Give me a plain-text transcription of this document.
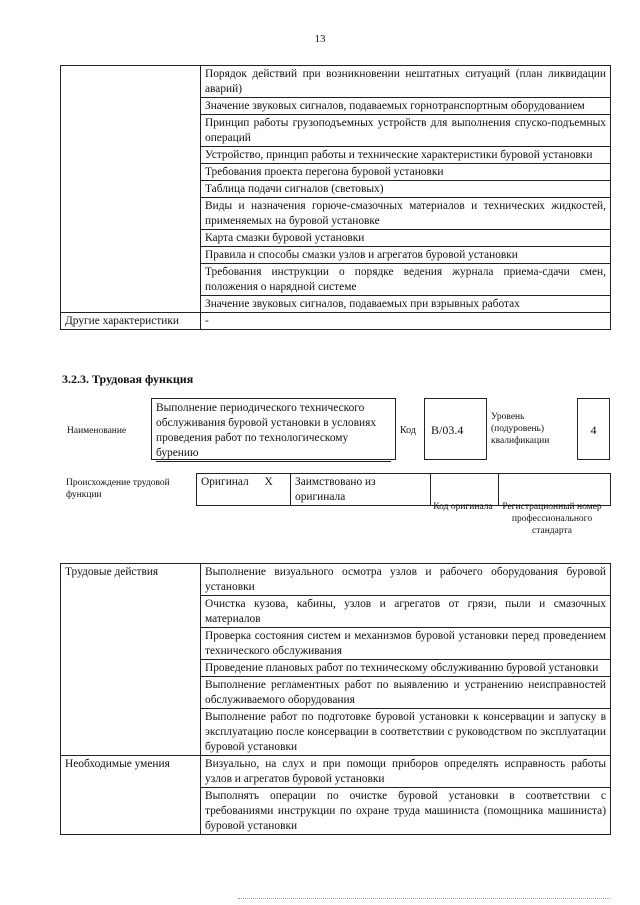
13
	Порядок действий при возникновении нештатных ситуаций (план ликвидации аварий)
	Значение звуковых сигналов, подаваемых горнотранспортным оборудованием
	Принцип работы грузоподъемных устройств для выполнения спуско-подъемных операций
	Устройство, принцип работы и технические характеристики буровой установки
	Требования проекта перегона буровой установки
	Таблица подачи сигналов (световых)
	Виды и назначения горюче-смазочных материалов и технических жидкостей, применяемых на буровой установке
	Карта смазки буровой установки
	Правила и способы смазки узлов и агрегатов буровой установки
	Требования инструкции о порядке ведения журнала приема-сдачи смен, положения о нарядной системе
	Значение звуковых сигналов, подаваемых при взрывных работах
Другие характеристики	-
3.2.3. Трудовая функция
Наименование
Выполнение периодического технического обслуживания буровой установки в условиях проведения работ по технологическому бурению
Код	В/03.4
Уровень (подуровень) квалификации
4
Происхождение трудовой функции
Оригинал	X	Заимствовано из оригинала		
Код оригинала	Регистрационный номер профессионального стандарта
Трудовые действия	Выполнение визуального осмотра узлов и рабочего оборудования буровой установки
	Очистка кузова, кабины, узлов и агрегатов от грязи, пыли и смазочных материалов
	Проверка состояния систем и механизмов буровой установки перед проведением технического обслуживания
	Проведение плановых работ по техническому обслуживанию буровой установки
	Выполнение регламентных работ по выявлению и устранению неисправностей обслуживаемого оборудования
	Выполнение работ по подготовке буровой установки к консервации и запуску в эксплуатацию после консервации в соответствии с руководством по эксплуатации буровой установки
Необходимые умения	Визуально, на слух и при помощи приборов определять исправность работы узлов и агрегатов буровой установки
	Выполнять операции по очистке буровой установки в соответствии с требованиями инструкции по охране труда машиниста (помощника машиниста) буровой установки
